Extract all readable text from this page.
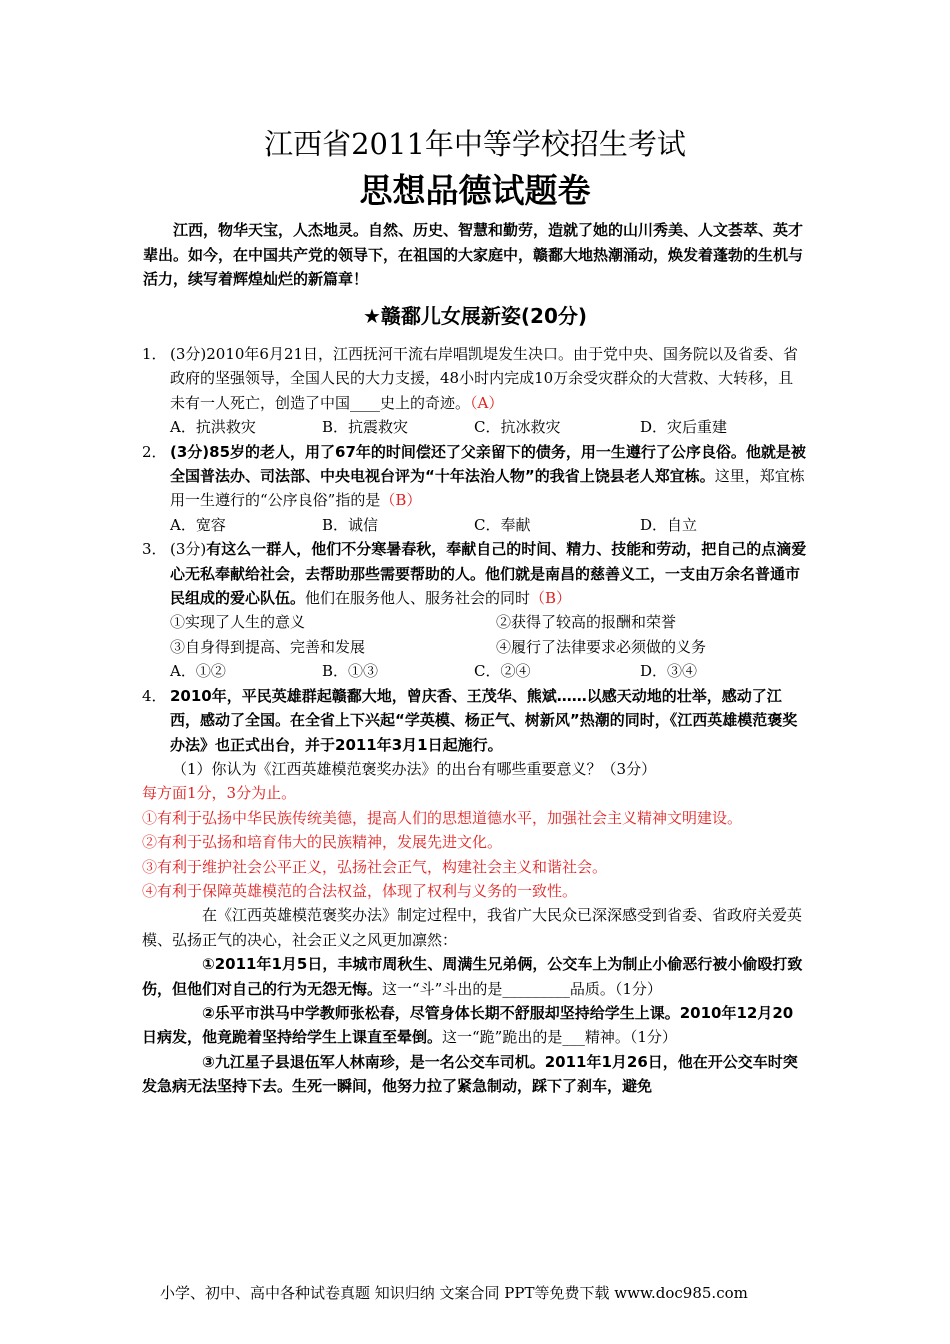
江西省2011年中等学校招生考试
思想品德试题卷
江西，物华天宝，人杰地灵。自然、历史、智慧和勤劳，造就了她的山川秀美、人文荟萃、英才辈出。如今，在中国共产党的领导下，在祖国的大家庭中，赣鄱大地热潮涌动，焕发着蓬勃的生机与活力，续写着辉煌灿烂的新篇章！
★赣鄱儿女展新姿(20分)
1． (3分)2010年6月21日，江西抚河干流右岸唱凯堤发生决口。由于党中央、国务院以及省委、省政府的坚强领导，全国人民的大力支援，48小时内完成10万余受灾群众的大营救、大转移，且未有一人死亡，创造了中国____史上的奇迹。（A）
A．抗洪救灾	B．抗震救灾	C．抗冰救灾	D．灾后重建
2． (3分)85岁的老人，用了67年的时间偿还了父亲留下的债务，用一生遵行了公序良俗。他就是被全国普法办、司法部、中央电视台评为“十年法治人物”的我省上饶县老人郑宜栋。这里，郑宜栋用一生遵行的“公序良俗”指的是（B）
A．宽容	B．诚信	C．奉献	D．自立
3． (3分)有这么一群人，他们不分寒暑春秋，奉献自己的时间、精力、技能和劳动，把自己的点滴爱心无私奉献给社会，去帮助那些需要帮助的人。他们就是南昌的慈善义工，一支由万余名普通市民组成的爱心队伍。他们在服务他人、服务社会的同时（B）
①实现了人生的意义	②获得了较高的报酬和荣誉
③自身得到提高、完善和发展	④履行了法律要求必须做的义务
A．①②	B．①③	C．②④	D．③④
4． 2010年，平民英雄群起赣鄱大地，曾庆香、王茂华、熊斌……以感天动地的壮举，感动了江西，感动了全国。在全省上下兴起“学英模、杨正气、树新风”热潮的同时，《江西英雄模范褒奖办法》也正式出台，并于2011年3月1日起施行。
（1）你认为《江西英雄模范褒奖办法》的出台有哪些重要意义？（3分）
每方面1分，3分为止。
①有利于弘扬中华民族传统美德，提高人们的思想道德水平，加强社会主义精神文明建设。
②有利于弘扬和培育伟大的民族精神，发展先进文化。
③有利于维护社会公平正义，弘扬社会正气，构建社会主义和谐社会。
④有利于保障英雄模范的合法权益，体现了权利与义务的一致性。
在《江西英雄模范褒奖办法》制定过程中，我省广大民众已深深感受到省委、省政府关爱英模、弘扬正气的决心，社会正义之风更加凛然：
①2011年1月5日，丰城市周秋生、周满生兄弟俩，公交车上为制止小偷恶行被小偷殴打致伤，但他们对自己的行为无怨无悔。这一“斗”斗出的是_________品质。（1分）
②乐平市洪马中学教师张松春，尽管身体长期不舒服却坚持给学生上课。2010年12月20日病发，他竟跪着坚持给学生上课直至晕倒。这一“跪”跪出的是___精神。（1分）
③九江星子县退伍军人林南珍，是一名公交车司机。2011年1月26日，他在开公交车时突发急病无法坚持下去。生死一瞬间，他努力拉了紧急制动，踩下了刹车，避免
小学、初中、高中各种试卷真题 知识归纳 文案合同 PPT等免费下载 www.doc985.com
